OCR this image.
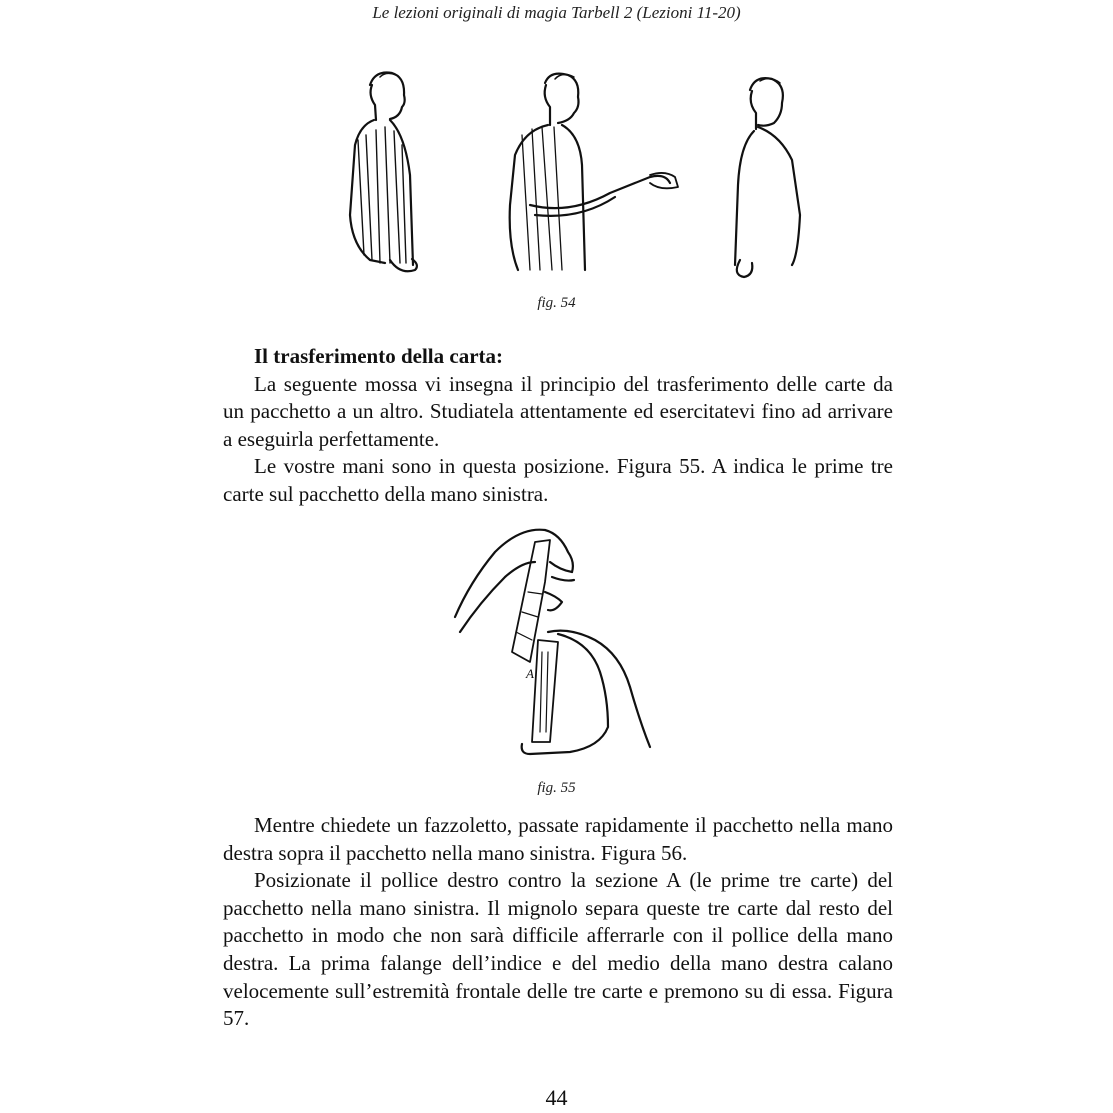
Le lezioni originali di magia Tarbell 2 (Lezioni 11-20)
fig. 54

Il trasferimento della carta:

La seguente mossa vi insegna il principio del trasferimento delle carte da un pacchetto a un altro. Studiatela attentamente ed esercitatevi fino ad arrivare a eseguirla perfettamente.

Le vostre mani sono in questa posizione. Figura 55. A indica le prime tre carte sul pacchetto della mano sinistra.

A
fig. 55

Mentre chiedete un fazzoletto, passate rapidamente il pacchetto nella mano destra sopra il pacchetto nella mano sinistra. Figura 56.

Posizionate il pollice destro contro la sezione A (le prime tre carte) del pacchetto nella mano sinistra. Il mignolo separa queste tre carte dal resto del pacchetto in modo che non sarà difficile afferrarle con il pollice della mano destra. La prima falange dell’indice e del medio della mano destra calano velocemente sull’estremità frontale delle tre carte e premono su di essa. Figura 57.

44
